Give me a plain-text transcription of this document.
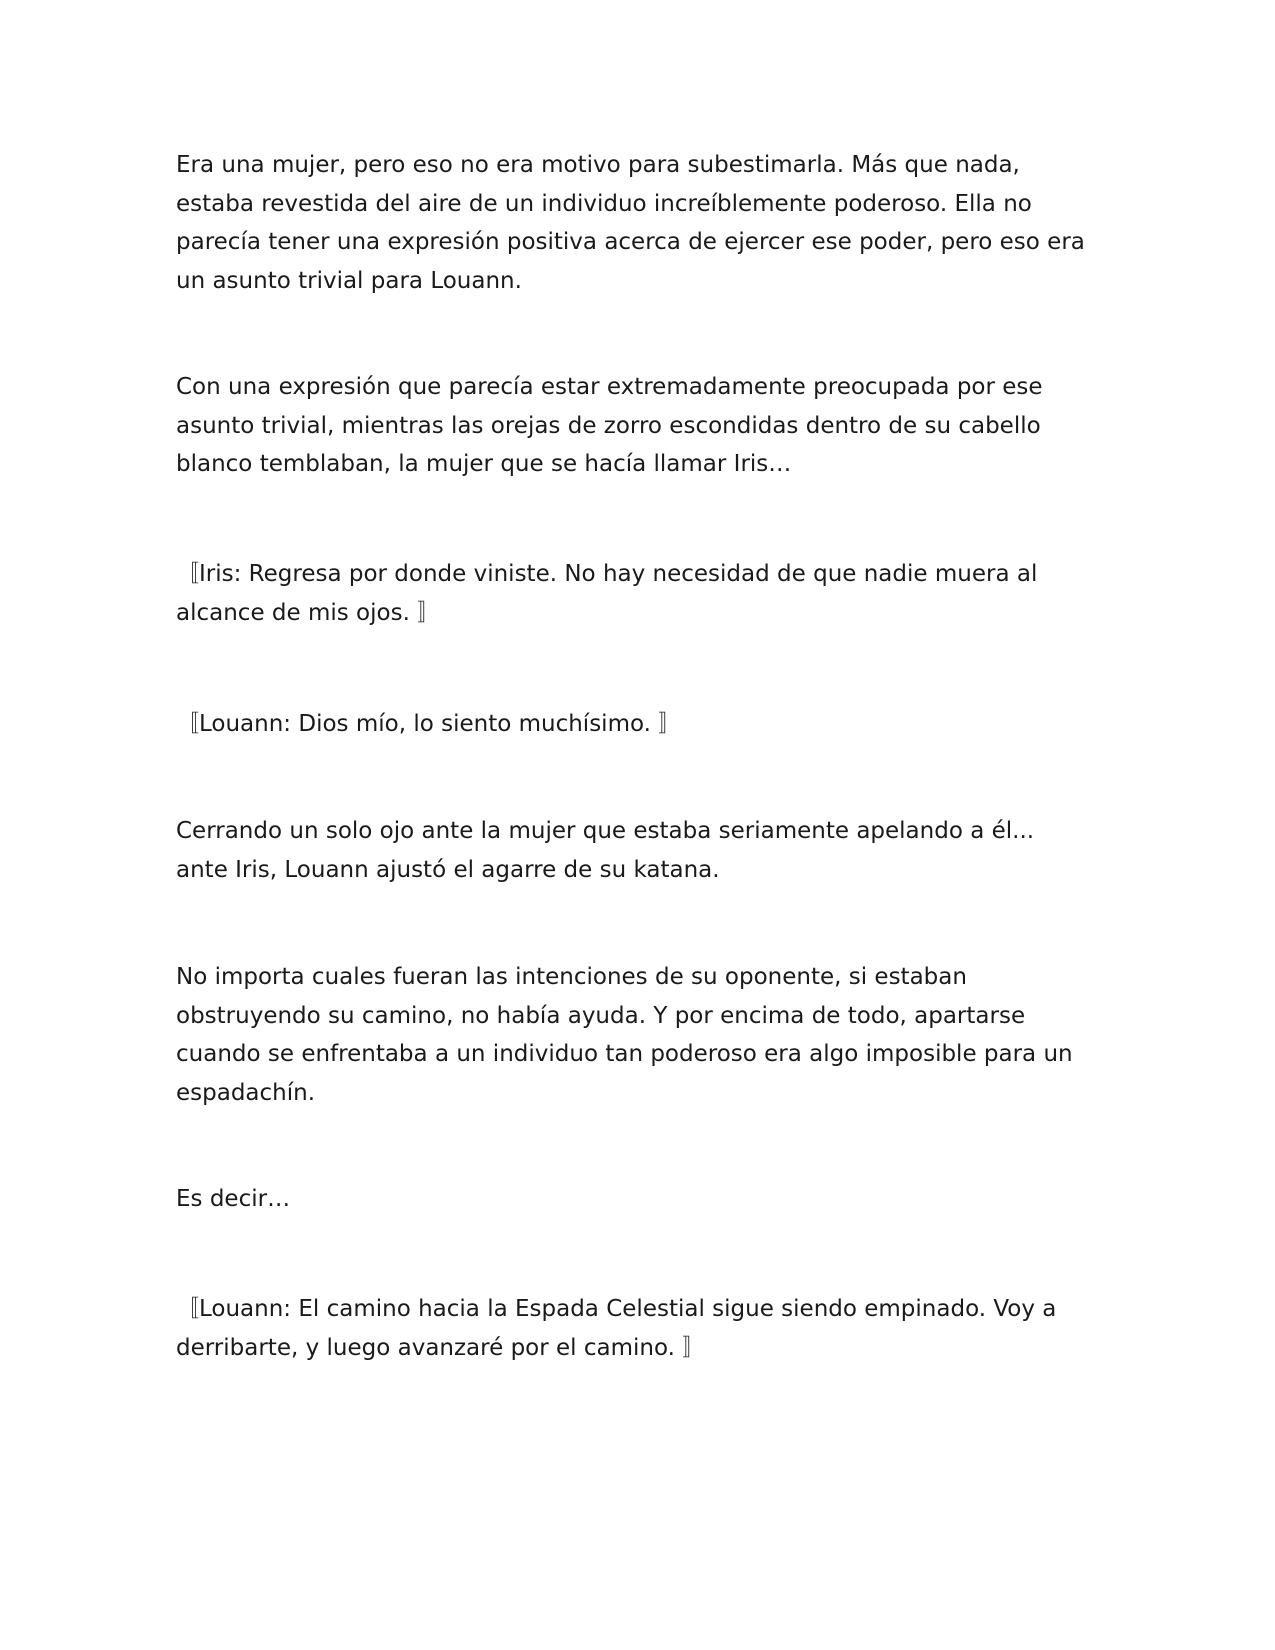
Era una mujer, pero eso no era motivo para subestimarla. Más que nada,
estaba revestida del aire de un individuo increíblemente poderoso. Ella no
parecía tener una expresión positiva acerca de ejercer ese poder, pero eso era
un asunto trivial para Louann.

Con una expresión que parecía estar extremadamente preocupada por ese
asunto trivial, mientras las orejas de zorro escondidas dentro de su cabello
blanco temblaban, la mujer que se hacía llamar Iris…

〚Iris: Regresa por donde viniste. No hay necesidad de que nadie muera al
alcance de mis ojos. 〛

〚Louann: Dios mío, lo siento muchísimo. 〛

Cerrando un solo ojo ante la mujer que estaba seriamente apelando a él...
ante Iris, Louann ajustó el agarre de su katana.

No importa cuales fueran las intenciones de su oponente, si estaban
obstruyendo su camino, no había ayuda. Y por encima de todo, apartarse
cuando se enfrentaba a un individuo tan poderoso era algo imposible para un
espadachín.

Es decir…

〚Louann: El camino hacia la Espada Celestial sigue siendo empinado. Voy a
derribarte, y luego avanzaré por el camino. 〛
